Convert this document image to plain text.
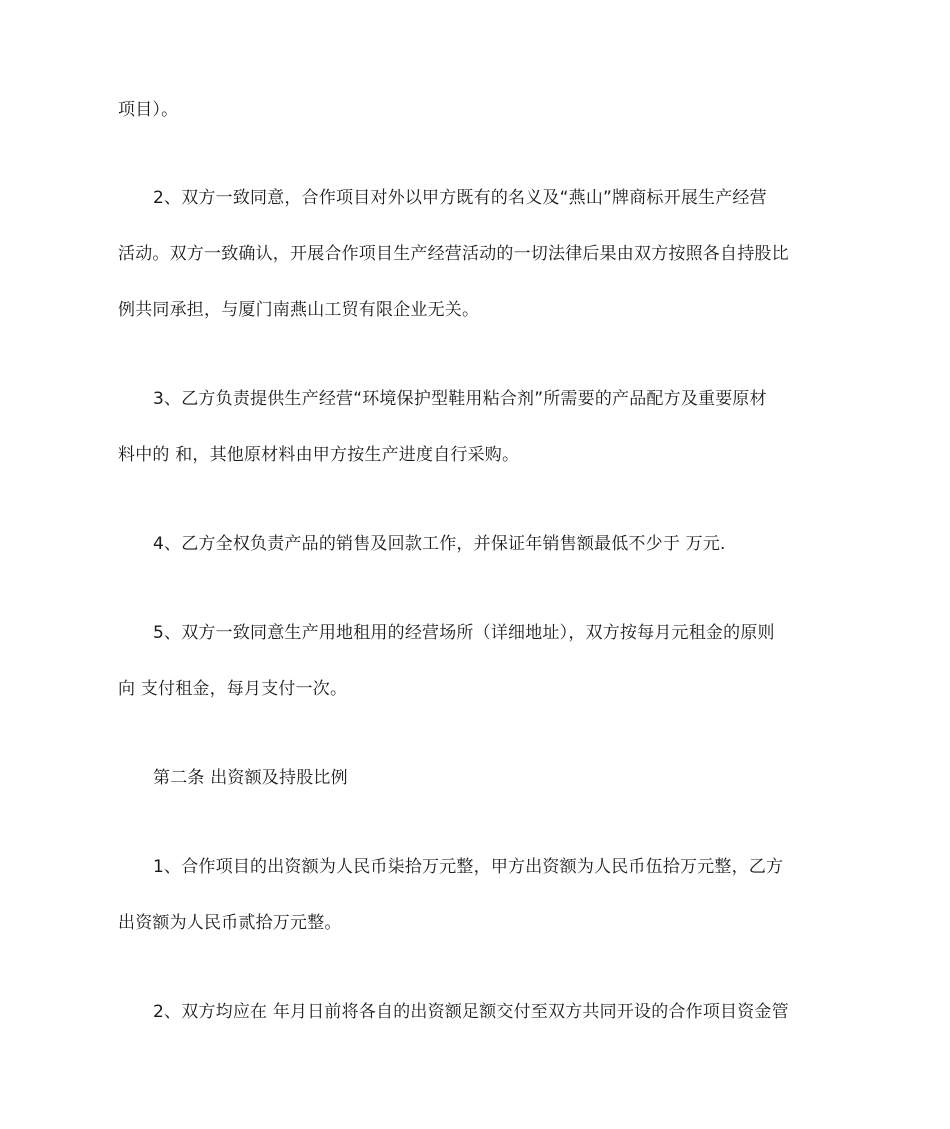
项目）。
2、双方一致同意，合作项目对外以甲方既有的名义及“燕山”牌商标开展生产经营
活动。双方一致确认，开展合作项目生产经营活动的一切法律后果由双方按照各自持股比
例共同承担，与厦门南燕山工贸有限企业无关。
3、乙方负责提供生产经营“环境保护型鞋用粘合剂”所需要的产品配方及重要原材
料中的 和，其他原材料由甲方按生产进度自行采购。
4、乙方全权负责产品的销售及回款工作，并保证年销售额最低不少于 万元.
5、双方一致同意生产用地租用的经营场所（详细地址），双方按每月元租金的原则
向 支付租金，每月支付一次。
第二条 出资额及持股比例
1、合作项目的出资额为人民币柒拾万元整，甲方出资额为人民币伍拾万元整，乙方
出资额为人民币贰拾万元整。
2、双方均应在 年月日前将各自的出资额足额交付至双方共同开设的合作项目资金管
